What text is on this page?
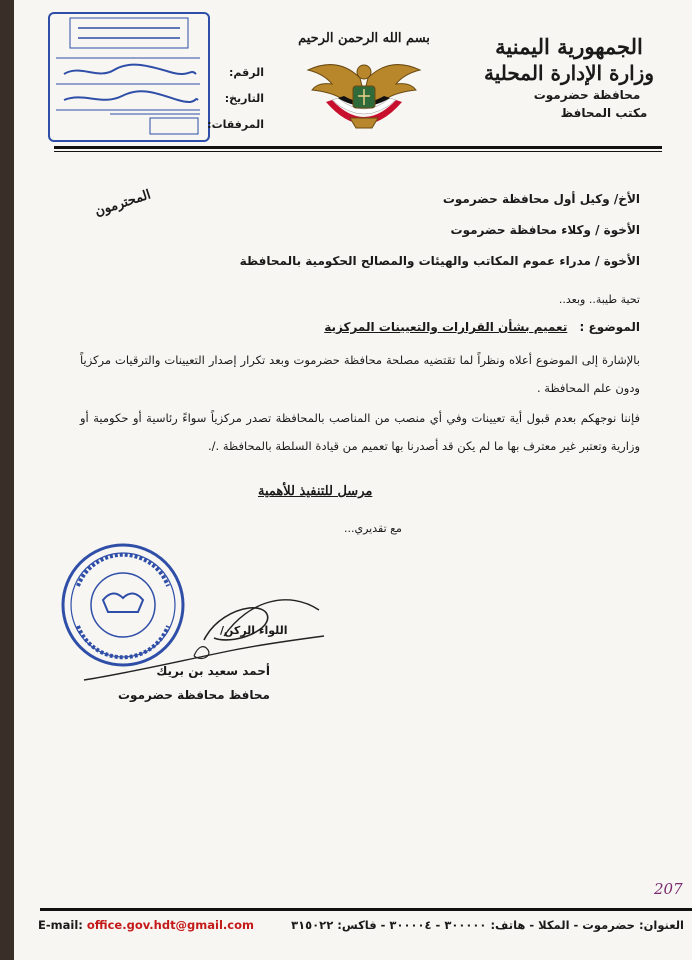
الجمهورية اليمنية
وزارة الإدارة المحلية
محافظة حضرموت
مكتب المحافظ
بسم الله الرحمن الرحيم
الرقم:
التاريخ:
المرفقات:
الأخ/ وكيل أول محافظة حضرموت
الأخوة / وكلاء محافظة حضرموت
الأخوة / مدراء عموم المكاتب والهيئات والمصالح الحكومية بالمحافظة
المحترمون
تحية طيبة.. وبعد..
الموضوع : تعميم بشأن القرارات والتعيينات المركزية

بالإشارة إلى الموضوع أعلاه ونظراً لما تقتضيه مصلحة محافظة حضرموت وبعد تكرار إصدار التعيينات والترقيات مركزياً ودون علم المحافظة .

فإننا نوجهكم بعدم قبول أية تعيينات وفي أي منصب من المناصب بالمحافظة تصدر مركزياً سواءً رئاسية أو حكومية أو وزارية وتعتبر غير معترف بها ما لم يكن قد أصدرنا بها تعميم من قيادة السلطة بالمحافظة ./.

مرسل للتنفيذ للأهمية
مع تقديري...
اللواء الركن/
أحمد سعيد بن بريك
محافظ محافظة حضرموت
207
E-mail: office.gov.hdt@gmail.com	العنوان: حضرموت - المكلا - هاتف: ٣٠٠٠٠٠ - ٣٠٠٠٠٤ - فاكس: ٣١٥٠٢٢
